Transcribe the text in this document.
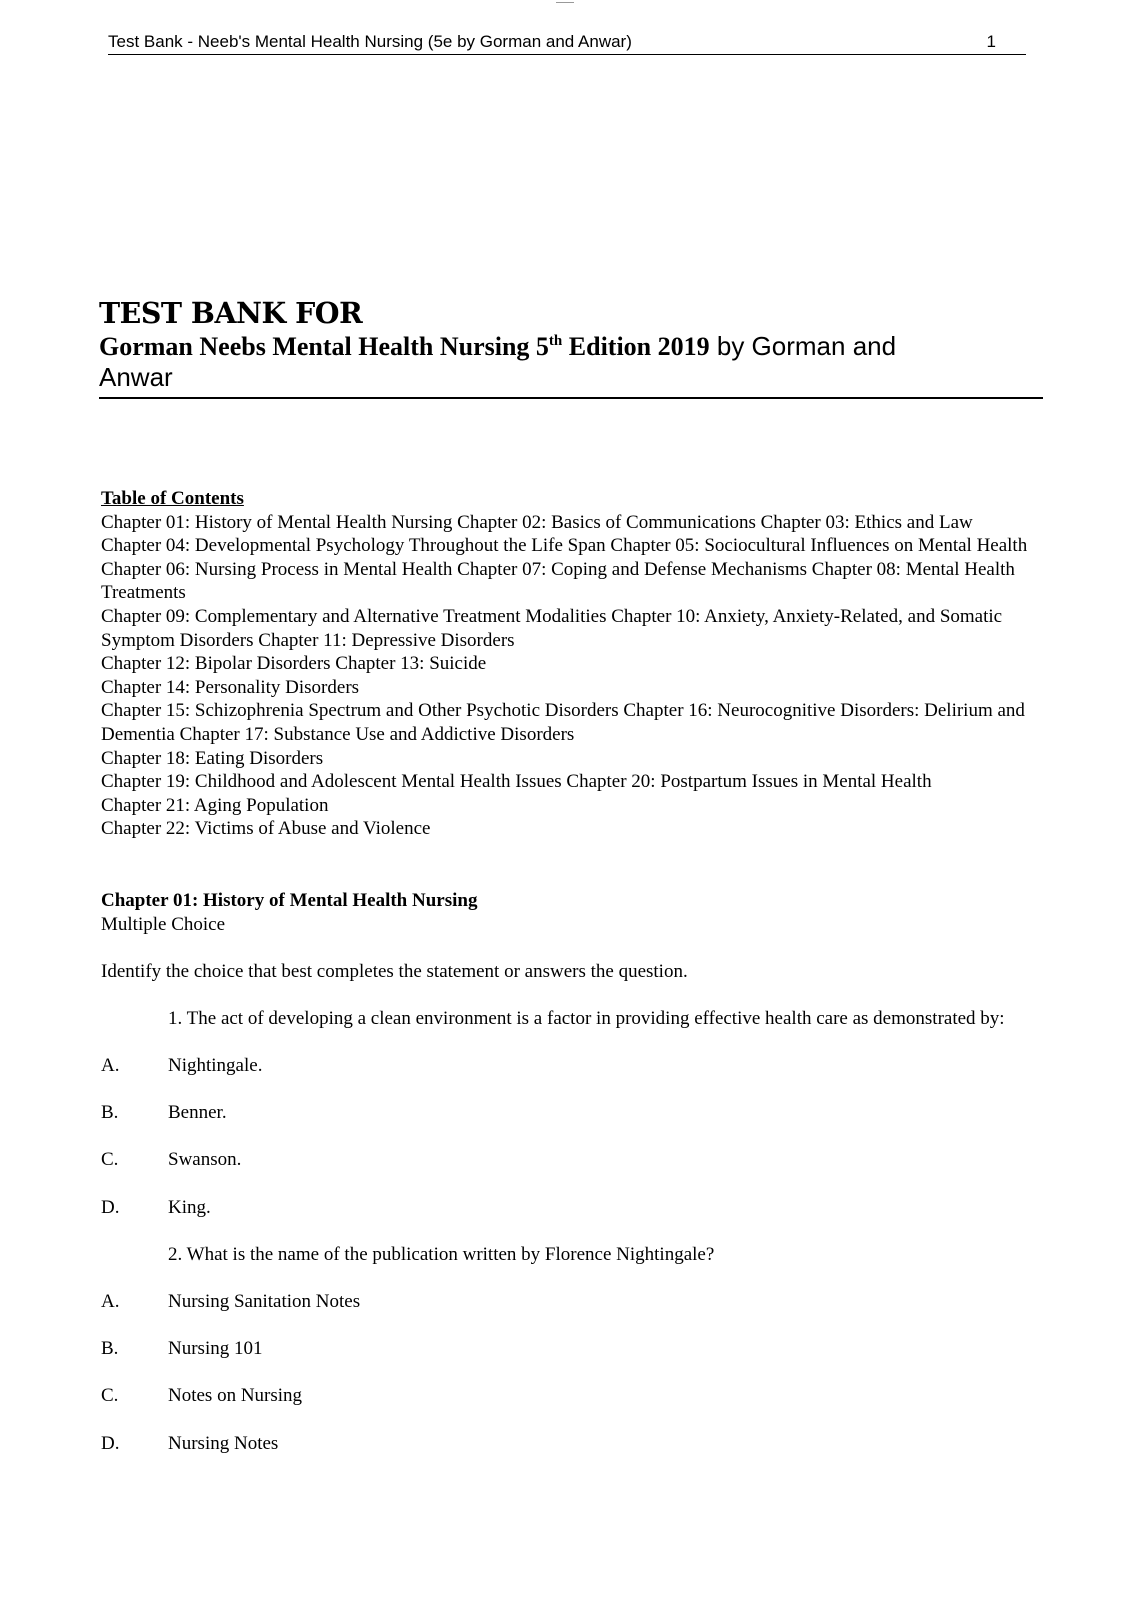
Test Bank - Neeb's Mental Health Nursing (5e by Gorman and Anwar)	1
TEST BANK FOR
Gorman Neebs Mental Health Nursing 5th Edition 2019 by Gorman and
Anwar
Table of Contents

Chapter 01: History of Mental Health Nursing Chapter 02: Basics of Communications Chapter 03: Ethics and Law

Chapter 04: Developmental Psychology Throughout the Life Span Chapter 05: Sociocultural Influences on Mental Health

Chapter 06: Nursing Process in Mental Health Chapter 07: Coping and Defense Mechanisms Chapter 08: Mental Health Treatments

Chapter 09: Complementary and Alternative Treatment Modalities Chapter 10: Anxiety, Anxiety-Related, and Somatic Symptom Disorders Chapter 11: Depressive Disorders

Chapter 12: Bipolar Disorders Chapter 13: Suicide

Chapter 14: Personality Disorders

Chapter 15: Schizophrenia Spectrum and Other Psychotic Disorders Chapter 16: Neurocognitive Disorders: Delirium and Dementia Chapter 17: Substance Use and Addictive Disorders

Chapter 18: Eating Disorders

Chapter 19: Childhood and Adolescent Mental Health Issues Chapter 20: Postpartum Issues in Mental Health

Chapter 21: Aging Population

Chapter 22: Victims of Abuse and Violence

Chapter 01: History of Mental Health Nursing
Multiple Choice
Identify the choice that best completes the statement or answers the question.
1. The act of developing a clean environment is a factor in providing effective health care as demonstrated by:
A.	Nightingale.
B.	Benner.
C.	Swanson.
D.	King.
2. What is the name of the publication written by Florence Nightingale?
A.	Nursing Sanitation Notes
B.	Nursing 101
C.	Notes on Nursing
D.	Nursing Notes
